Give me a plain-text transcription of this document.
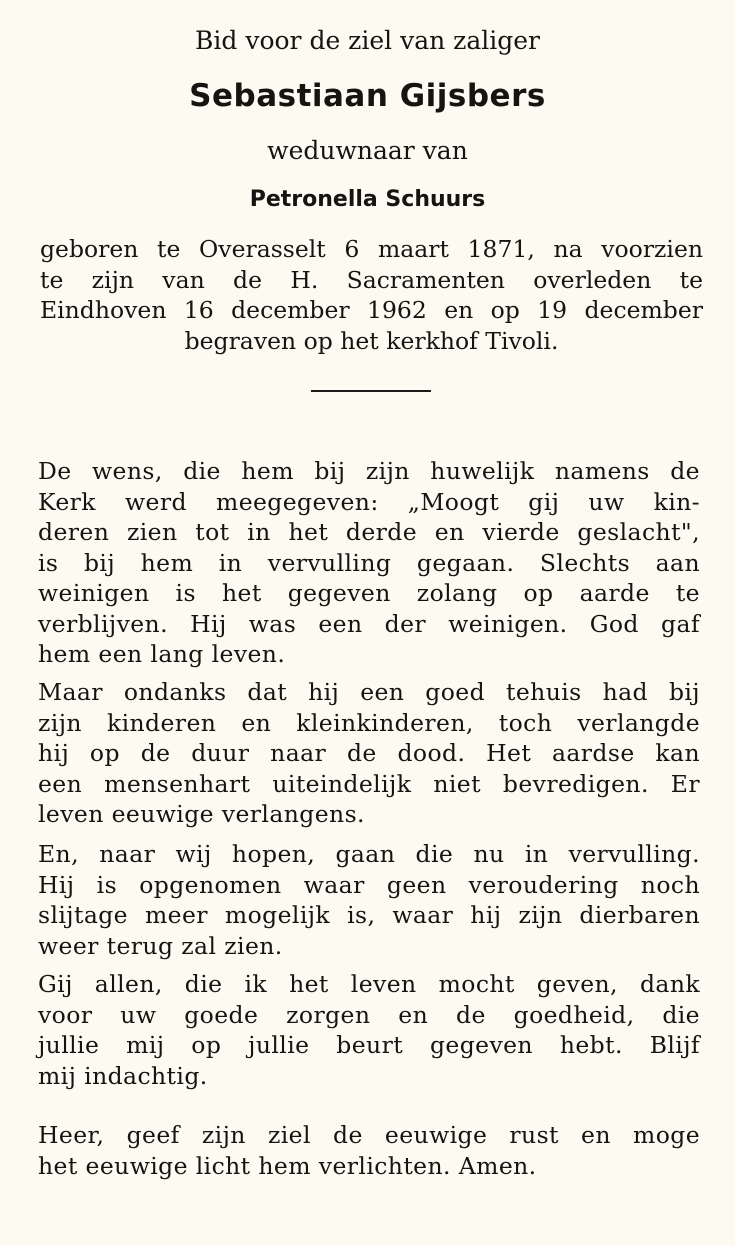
Bid voor de ziel van zaliger

Sebastiaan Gijsbers

weduwnaar van

Petronella Schuurs

geboren te Overasselt 6 maart 1871, na voorzien
te zijn van de H. Sacramenten overleden te
Eindhoven 16 december 1962 en op 19 december
begraven op het kerkhof Tivoli.
De wens, die hem bij zijn huwelijk namens de
Kerk werd meegegeven: „Moogt gij uw kin-
deren zien tot in het derde en vierde geslacht",
is bij hem in vervulling gegaan. Slechts aan
weinigen is het gegeven zolang op aarde te
verblijven. Hij was een der weinigen. God gaf
hem een lang leven.
Maar ondanks dat hij een goed tehuis had bij
zijn kinderen en kleinkinderen, toch verlangde
hij op de duur naar de dood. Het aardse kan
een mensenhart uiteindelijk niet bevredigen. Er
leven eeuwige verlangens.
En, naar wij hopen, gaan die nu in vervulling.
Hij is opgenomen waar geen veroudering noch
slijtage meer mogelijk is, waar hij zijn dierbaren
weer terug zal zien.
Gij allen, die ik het leven mocht geven, dank
voor uw goede zorgen en de goedheid, die
jullie mij op jullie beurt gegeven hebt. Blijf
mij indachtig.
Heer, geef zijn ziel de eeuwige rust en moge
het eeuwige licht hem verlichten. Amen.
